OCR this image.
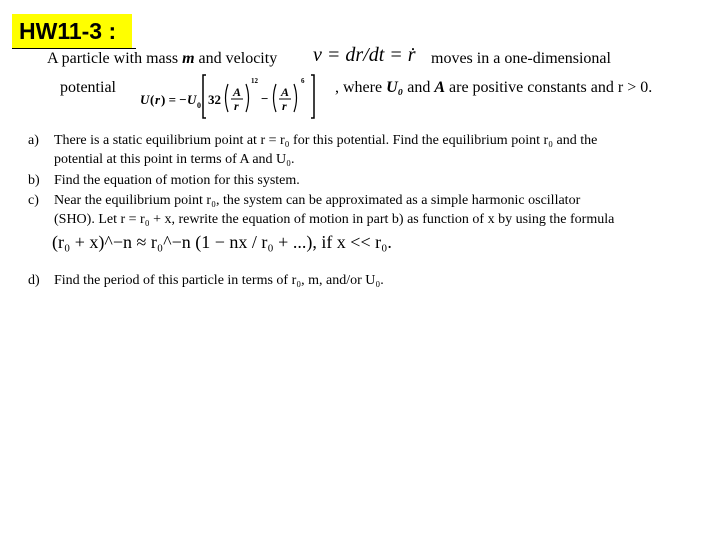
HW11-3 :
A particle with mass m and velocity v = dr/dt = ṙ moves in a one-dimensional
potential
U ( r ) = − U 0 32 A
r
12
− A
r
6 , where U₀ and A are positive constants and r > 0.
a) There is a static equilibrium point at r = r₀ for this potential. Find the equilibrium point r₀ and the
potential at this point in terms of A and U₀.
b) Find the equation of motion for this system.
c) Near the equilibrium point r₀, the system can be approximated as a simple harmonic oscillator
(SHO). Let r = r₀ + x, rewrite the equation of motion in part b) as function of x by using the formula
(r₀ + x)^−n ≈ r₀^−n (1 − nx / r₀ + ...), if x << r₀.
d) Find the period of this particle in terms of r₀, m, and/or U₀.
